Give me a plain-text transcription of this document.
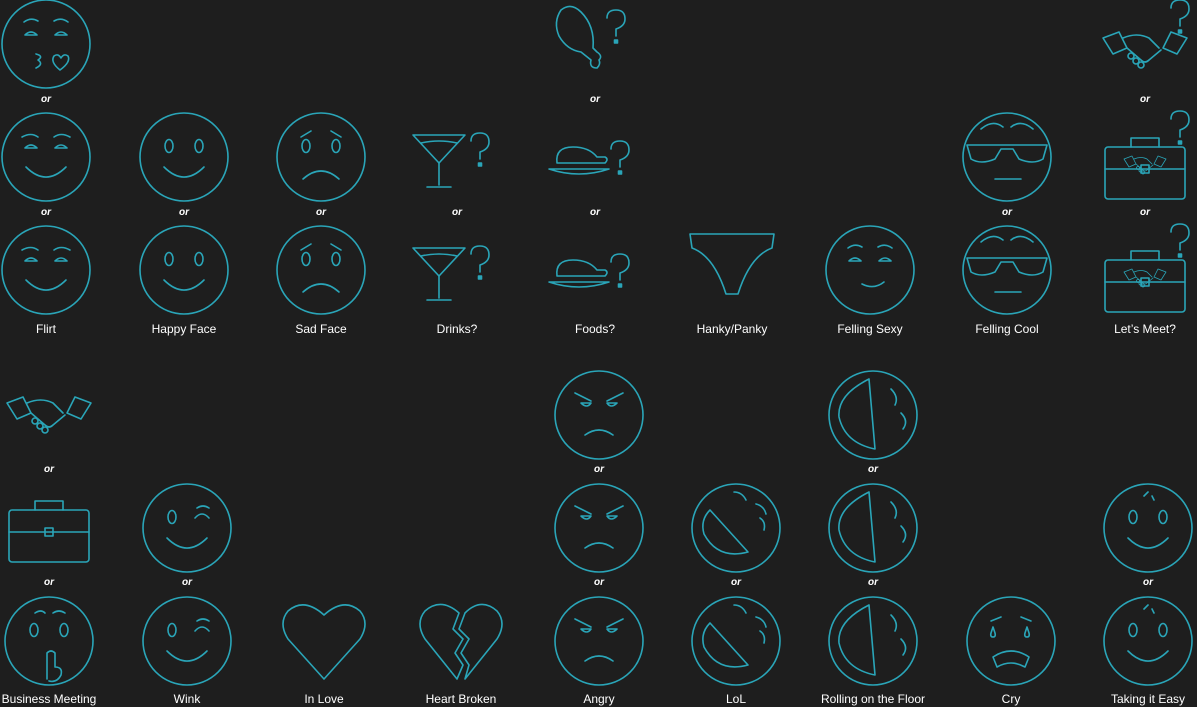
or
or
Flirt
or
Happy Face
or
Sad Face
or
Drinks?
or
or
Foods?	Hanky/Panky	Felling Sexy
or
Felling Cool
or
or
Let’s Meet?
or
or
Business Meeting
or
Wink	In Love	Heart Broken
or
or
Angry
or
LoL
or
or
Rolling on the Floor	Cry
or
Taking it Easy
